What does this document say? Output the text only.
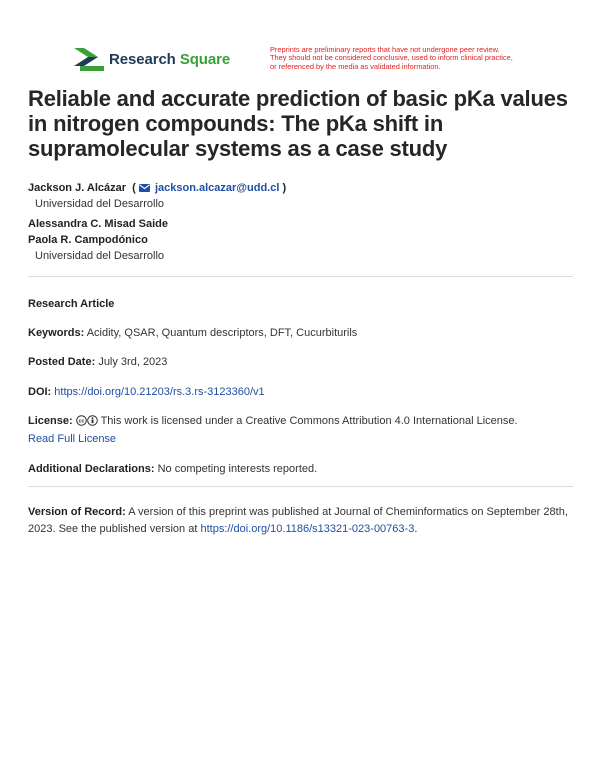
Research Square
Preprints are preliminary reports that have not undergone peer review.
They should not be considered conclusive, used to inform clinical practice,
or referenced by the media as validated information.
Reliable and accurate prediction of basic pKa values in nitrogen compounds: The pKa shift in supramolecular systems as a case study
Jackson J. Alcázar  ( jackson.alcazar@udd.cl )
Universidad del Desarrollo
Alessandra C. Misad Saide
Paola R. Campodónico
Universidad del Desarrollo
Research Article
Keywords: Acidity, QSAR, Quantum descriptors, DFT, Cucurbiturils
Posted Date: July 3rd, 2023
DOI: https://doi.org/10.21203/rs.3.rs-3123360/v1
License: cc This work is licensed under a Creative Commons Attribution 4.0 International License.
Read Full License
Additional Declarations: No competing interests reported.
Version of Record: A version of this preprint was published at Journal of Cheminformatics on September 28th, 2023. See the published version at https://doi.org/10.1186/s13321-023-00763-3.
